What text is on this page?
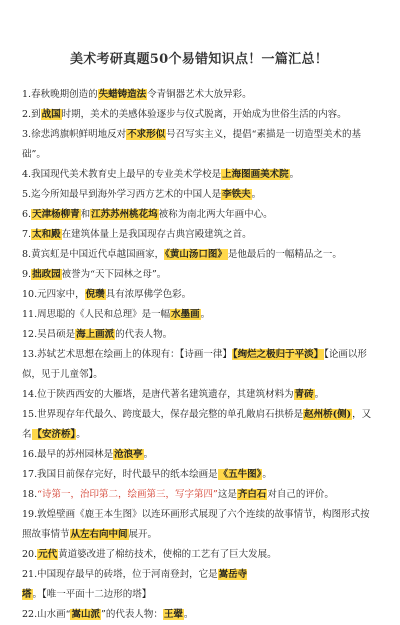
美术考研真题50个易错知识点！一篇汇总！

1.春秋晚期创造的失蜡铸造法令青铜器艺术大放异彩。

2.到战国时期，美术的美感体验逐步与仪式脱离，开始成为世俗生活的内容。

3.徐悲鸿旗帜鲜明地反对不求形似号召写实主义，提倡“素描是一切造型美术的基础”。

4.我国现代美术教育史上最早的专业美术学校是上海图画美术院。

5.迄今所知最早到海外学习西方艺术的中国人是李铁夫。

6.天津杨柳青和江苏苏州桃花坞被称为南北两大年画中心。

7.太和殿在建筑体量上是我国现存古典宫殿建筑之首。

8.黄宾虹是中国近代卓越国画家，《黄山汤口图》是他最后的一幅精品之一。

9.拙政园被誉为“天下园林之母”。

10.元四家中，倪瓒具有浓厚佛学色彩。

11.周思聪的《人民和总理》是一幅水墨画。

12.吴昌硕是海上画派的代表人物。

13.苏轼艺术思想在绘画上的体现有：【诗画一律】【绚烂之极归于平淡】【论画以形似，见于儿童邻】。

14.位于陕西西安的大雁塔，是唐代著名建筑遗存，其建筑材料为青砖。

15.世界现存年代最久、跨度最大，保存最完整的单孔敞肩石拱桥是赵州桥(侧)，又名【安济桥】。

16.最早的苏州园林是沧浪亭。

17.我国目前保存完好，时代最早的纸本绘画是《五牛图》。

18.“诗第一，治印第二，绘画第三，写字第四”这是齐白石对自己的评价。

19.敦煌壁画《鹿王本生图》以连环画形式展现了六个连续的故事情节，构图形式按照故事情节从左右向中间展开。

20.元代黄道婆改进了棉纺技术，使棉的工艺有了巨大发展。

21.中国现存最早的砖塔，位于河南登封，它是嵩岳寺塔。【唯一平面十二边形的塔】

22.山水画“嵩山派”的代表人物：王翚。
